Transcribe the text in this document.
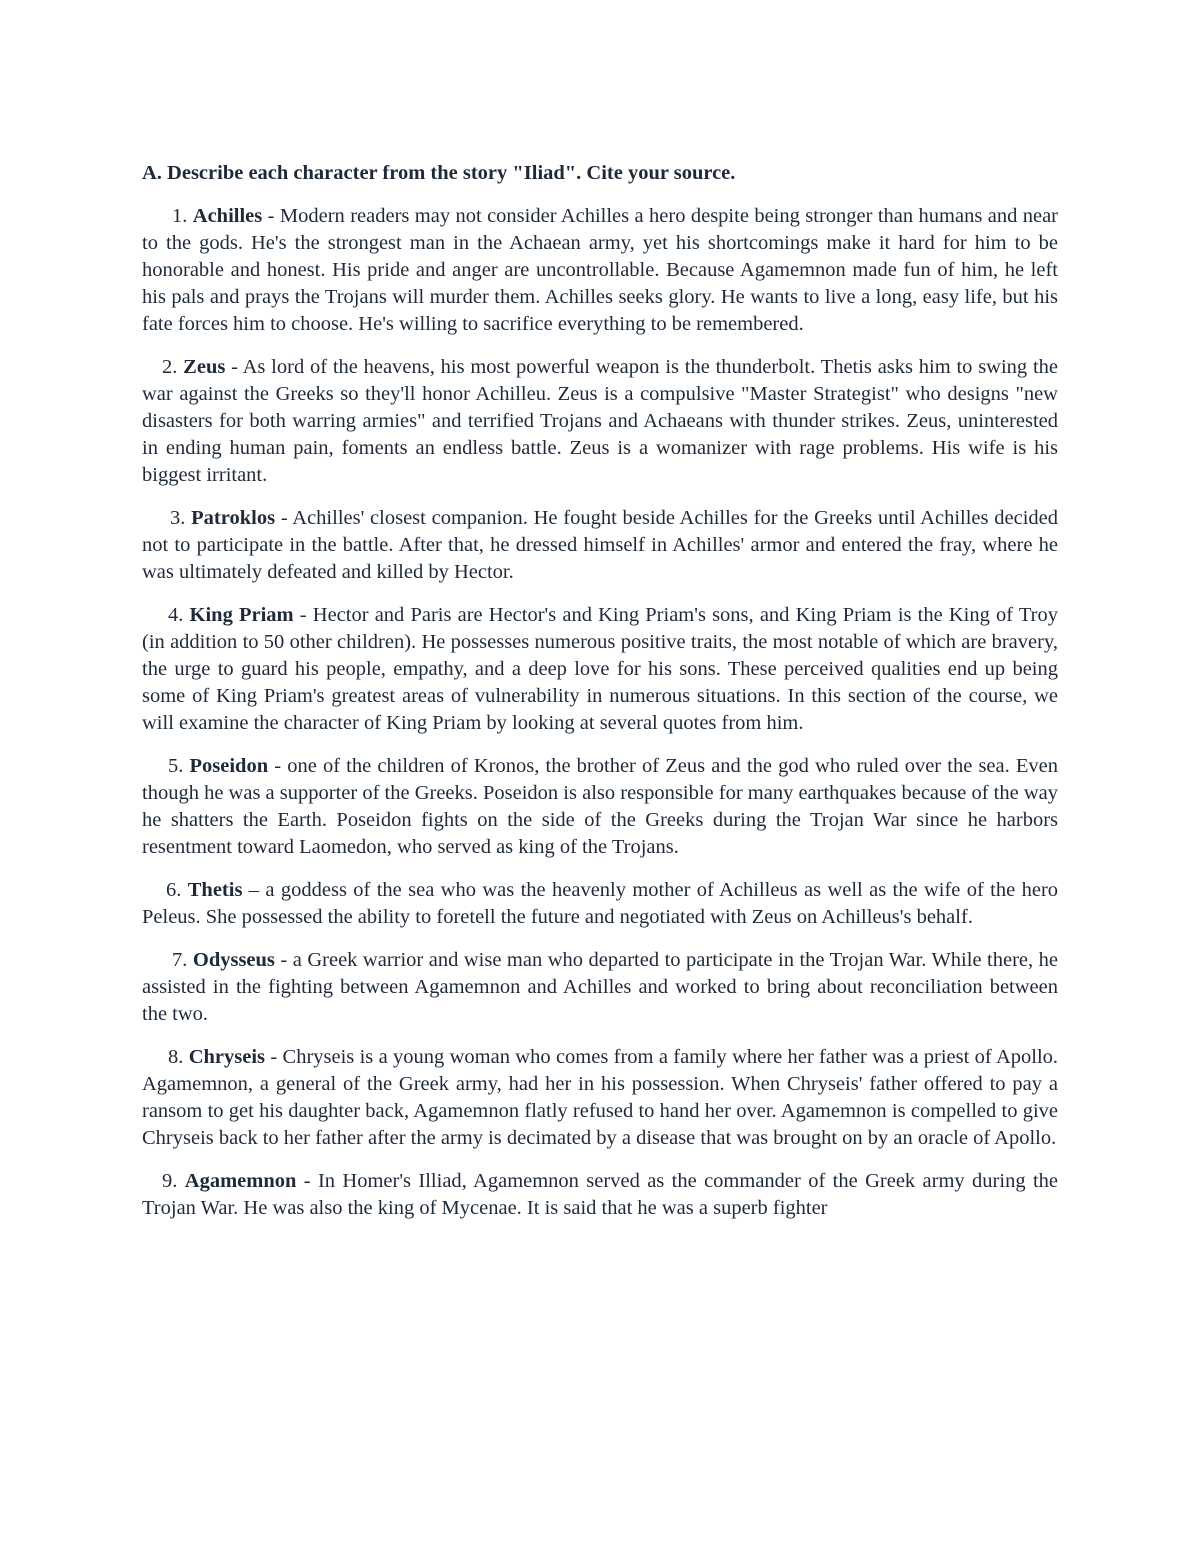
A. Describe each character from the story "Iliad". Cite your source.

1. Achilles - Modern readers may not consider Achilles a hero despite being stronger than humans and near to the gods. He's the strongest man in the Achaean army, yet his shortcomings make it hard for him to be honorable and honest. His pride and anger are uncontrollable. Because Agamemnon made fun of him, he left his pals and prays the Trojans will murder them. Achilles seeks glory. He wants to live a long, easy life, but his fate forces him to choose. He's willing to sacrifice everything to be remembered.

2. Zeus - As lord of the heavens, his most powerful weapon is the thunderbolt. Thetis asks him to swing the war against the Greeks so they'll honor Achilleu. Zeus is a compulsive "Master Strategist" who designs "new disasters for both warring armies" and terrified Trojans and Achaeans with thunder strikes. Zeus, uninterested in ending human pain, foments an endless battle. Zeus is a womanizer with rage problems. His wife is his biggest irritant.

3. Patroklos - Achilles' closest companion. He fought beside Achilles for the Greeks until Achilles decided not to participate in the battle. After that, he dressed himself in Achilles' armor and entered the fray, where he was ultimately defeated and killed by Hector.

4. King Priam - Hector and Paris are Hector's and King Priam's sons, and King Priam is the King of Troy (in addition to 50 other children). He possesses numerous positive traits, the most notable of which are bravery, the urge to guard his people, empathy, and a deep love for his sons. These perceived qualities end up being some of King Priam's greatest areas of vulnerability in numerous situations. In this section of the course, we will examine the character of King Priam by looking at several quotes from him.

5. Poseidon - one of the children of Kronos, the brother of Zeus and the god who ruled over the sea. Even though he was a supporter of the Greeks. Poseidon is also responsible for many earthquakes because of the way he shatters the Earth. Poseidon fights on the side of the Greeks during the Trojan War since he harbors resentment toward Laomedon, who served as king of the Trojans.

6. Thetis – a goddess of the sea who was the heavenly mother of Achilleus as well as the wife of the hero Peleus. She possessed the ability to foretell the future and negotiated with Zeus on Achilleus's behalf.

7. Odysseus - a Greek warrior and wise man who departed to participate in the Trojan War. While there, he assisted in the fighting between Agamemnon and Achilles and worked to bring about reconciliation between the two.

8. Chryseis - Chryseis is a young woman who comes from a family where her father was a priest of Apollo. Agamemnon, a general of the Greek army, had her in his possession. When Chryseis' father offered to pay a ransom to get his daughter back, Agamemnon flatly refused to hand her over. Agamemnon is compelled to give Chryseis back to her father after the army is decimated by a disease that was brought on by an oracle of Apollo.

9. Agamemnon - In Homer's Illiad, Agamemnon served as the commander of the Greek army during the Trojan War. He was also the king of Mycenae. It is said that he was a superb fighter
